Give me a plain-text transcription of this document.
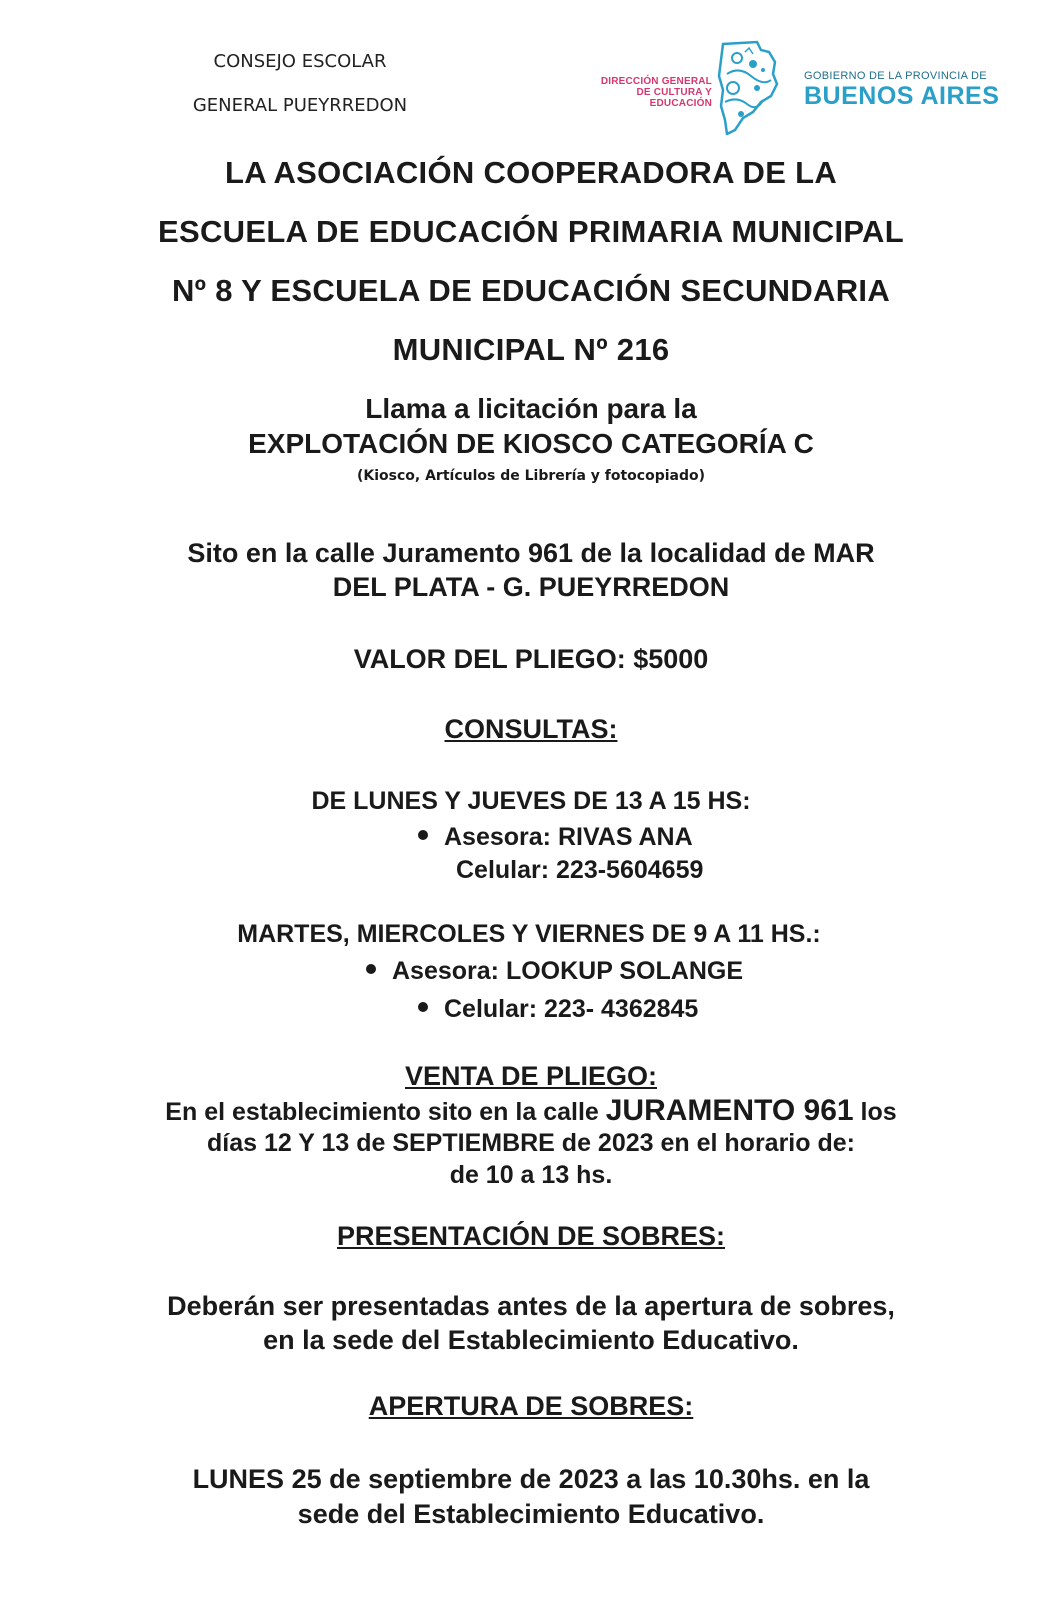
CONSEJO ESCOLAR
GENERAL PUEYRREDON
DIRECCIÓN GENERAL
DE CULTURA Y EDUCACIÓN
GOBIERNO DE LA PROVINCIA DE
BUENOS AIRES
LA ASOCIACIÓN COOPERADORA DE LA
ESCUELA DE EDUCACIÓN PRIMARIA MUNICIPAL
Nº 8 Y ESCUELA DE EDUCACIÓN SECUNDARIA
MUNICIPAL Nº 216
Llama a licitación para la
EXPLOTACIÓN DE KIOSCO CATEGORÍA C
(Kiosco, Artículos de Librería y fotocopiado)
Sito en la calle Juramento 961 de la localidad de MAR
DEL PLATA - G. PUEYRREDON
VALOR DEL PLIEGO: $5000
CONSULTAS:
DE LUNES Y JUEVES DE 13 A 15 HS:
Asesora: RIVAS ANA
Celular: 223-5604659
MARTES, MIERCOLES Y VIERNES DE 9 A 11 HS.:
Asesora: LOOKUP SOLANGE
Celular: 223- 4362845
VENTA DE PLIEGO:
En el establecimiento sito en la calle JURAMENTO 961 los
días 12 Y 13 de SEPTIEMBRE de 2023 en el horario de:
de 10 a 13 hs.
PRESENTACIÓN DE SOBRES:
Deberán ser presentadas antes de la apertura de sobres,
en la sede del Establecimiento Educativo.
APERTURA DE SOBRES:
LUNES 25 de septiembre de 2023 a las 10.30hs. en la
sede del Establecimiento Educativo.
